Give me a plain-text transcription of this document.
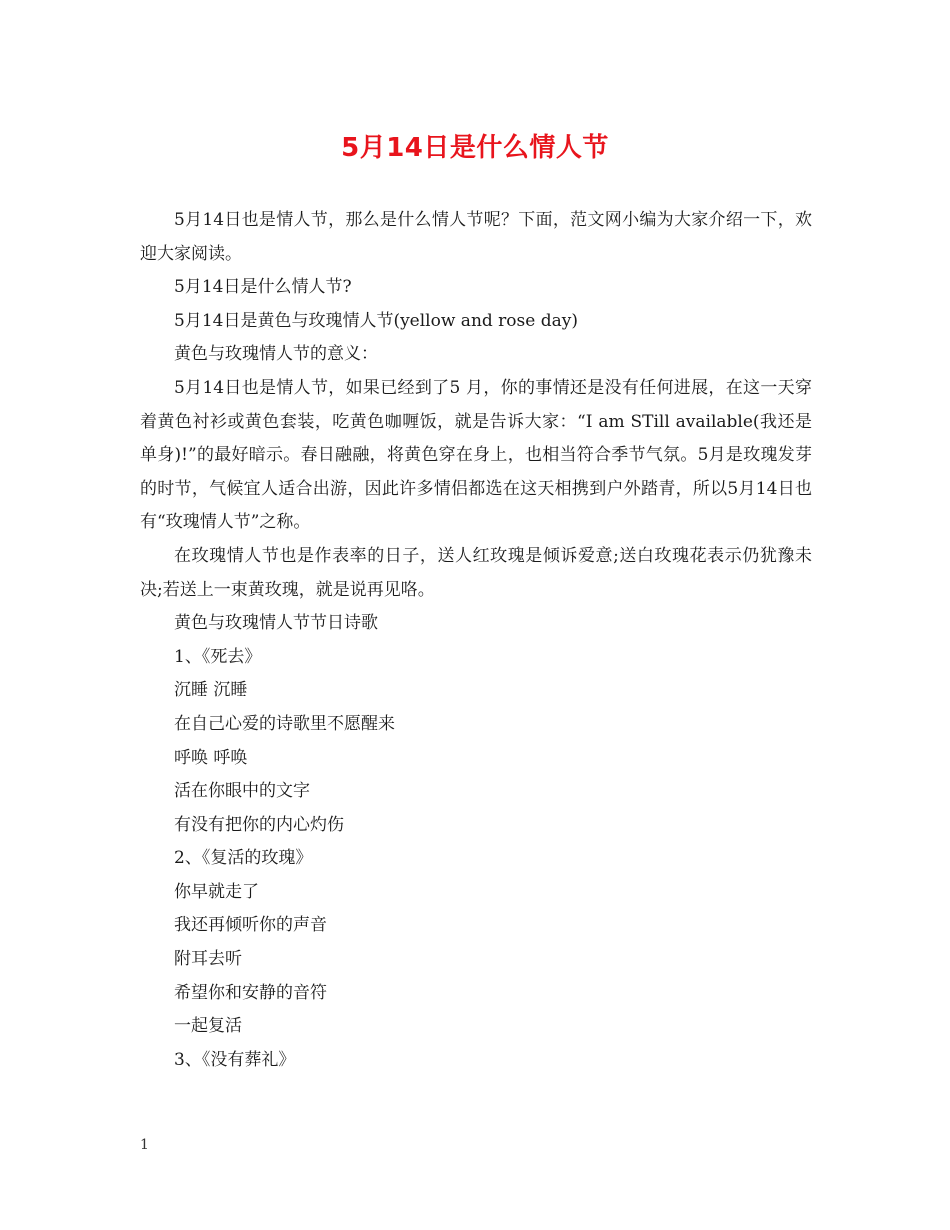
5月14日是什么情人节

5月14日也是情人节，那么是什么情人节呢？下面，范文网小编为大家介绍一下，欢迎大家阅读。

5月14日是什么情人节?

5月14日是黄色与玫瑰情人节(yellow and rose day)

黄色与玫瑰情人节的意义：

5月14日也是情人节，如果已经到了5 月，你的事情还是没有任何进展，在这一天穿着黄色衬衫或黄色套装，吃黄色咖喱饭，就是告诉大家：“I am STill available(我还是单身)!”的最好暗示。春日融融，将黄色穿在身上，也相当符合季节气氛。5月是玫瑰发芽的时节，气候宜人适合出游，因此许多情侣都选在这天相携到户外踏青，所以5月14日也有“玫瑰情人节”之称。

在玫瑰情人节也是作表率的日子，送人红玫瑰是倾诉爱意;送白玫瑰花表示仍犹豫未决;若送上一束黄玫瑰，就是说再见咯。

黄色与玫瑰情人节节日诗歌

1、《死去》

沉睡 沉睡

在自己心爱的诗歌里不愿醒来

呼唤 呼唤

活在你眼中的文字

有没有把你的内心灼伤

2、《复活的玫瑰》

你早就走了

我还再倾听你的声音

附耳去听

希望你和安静的音符

一起复活

3、《没有葬礼》

1
